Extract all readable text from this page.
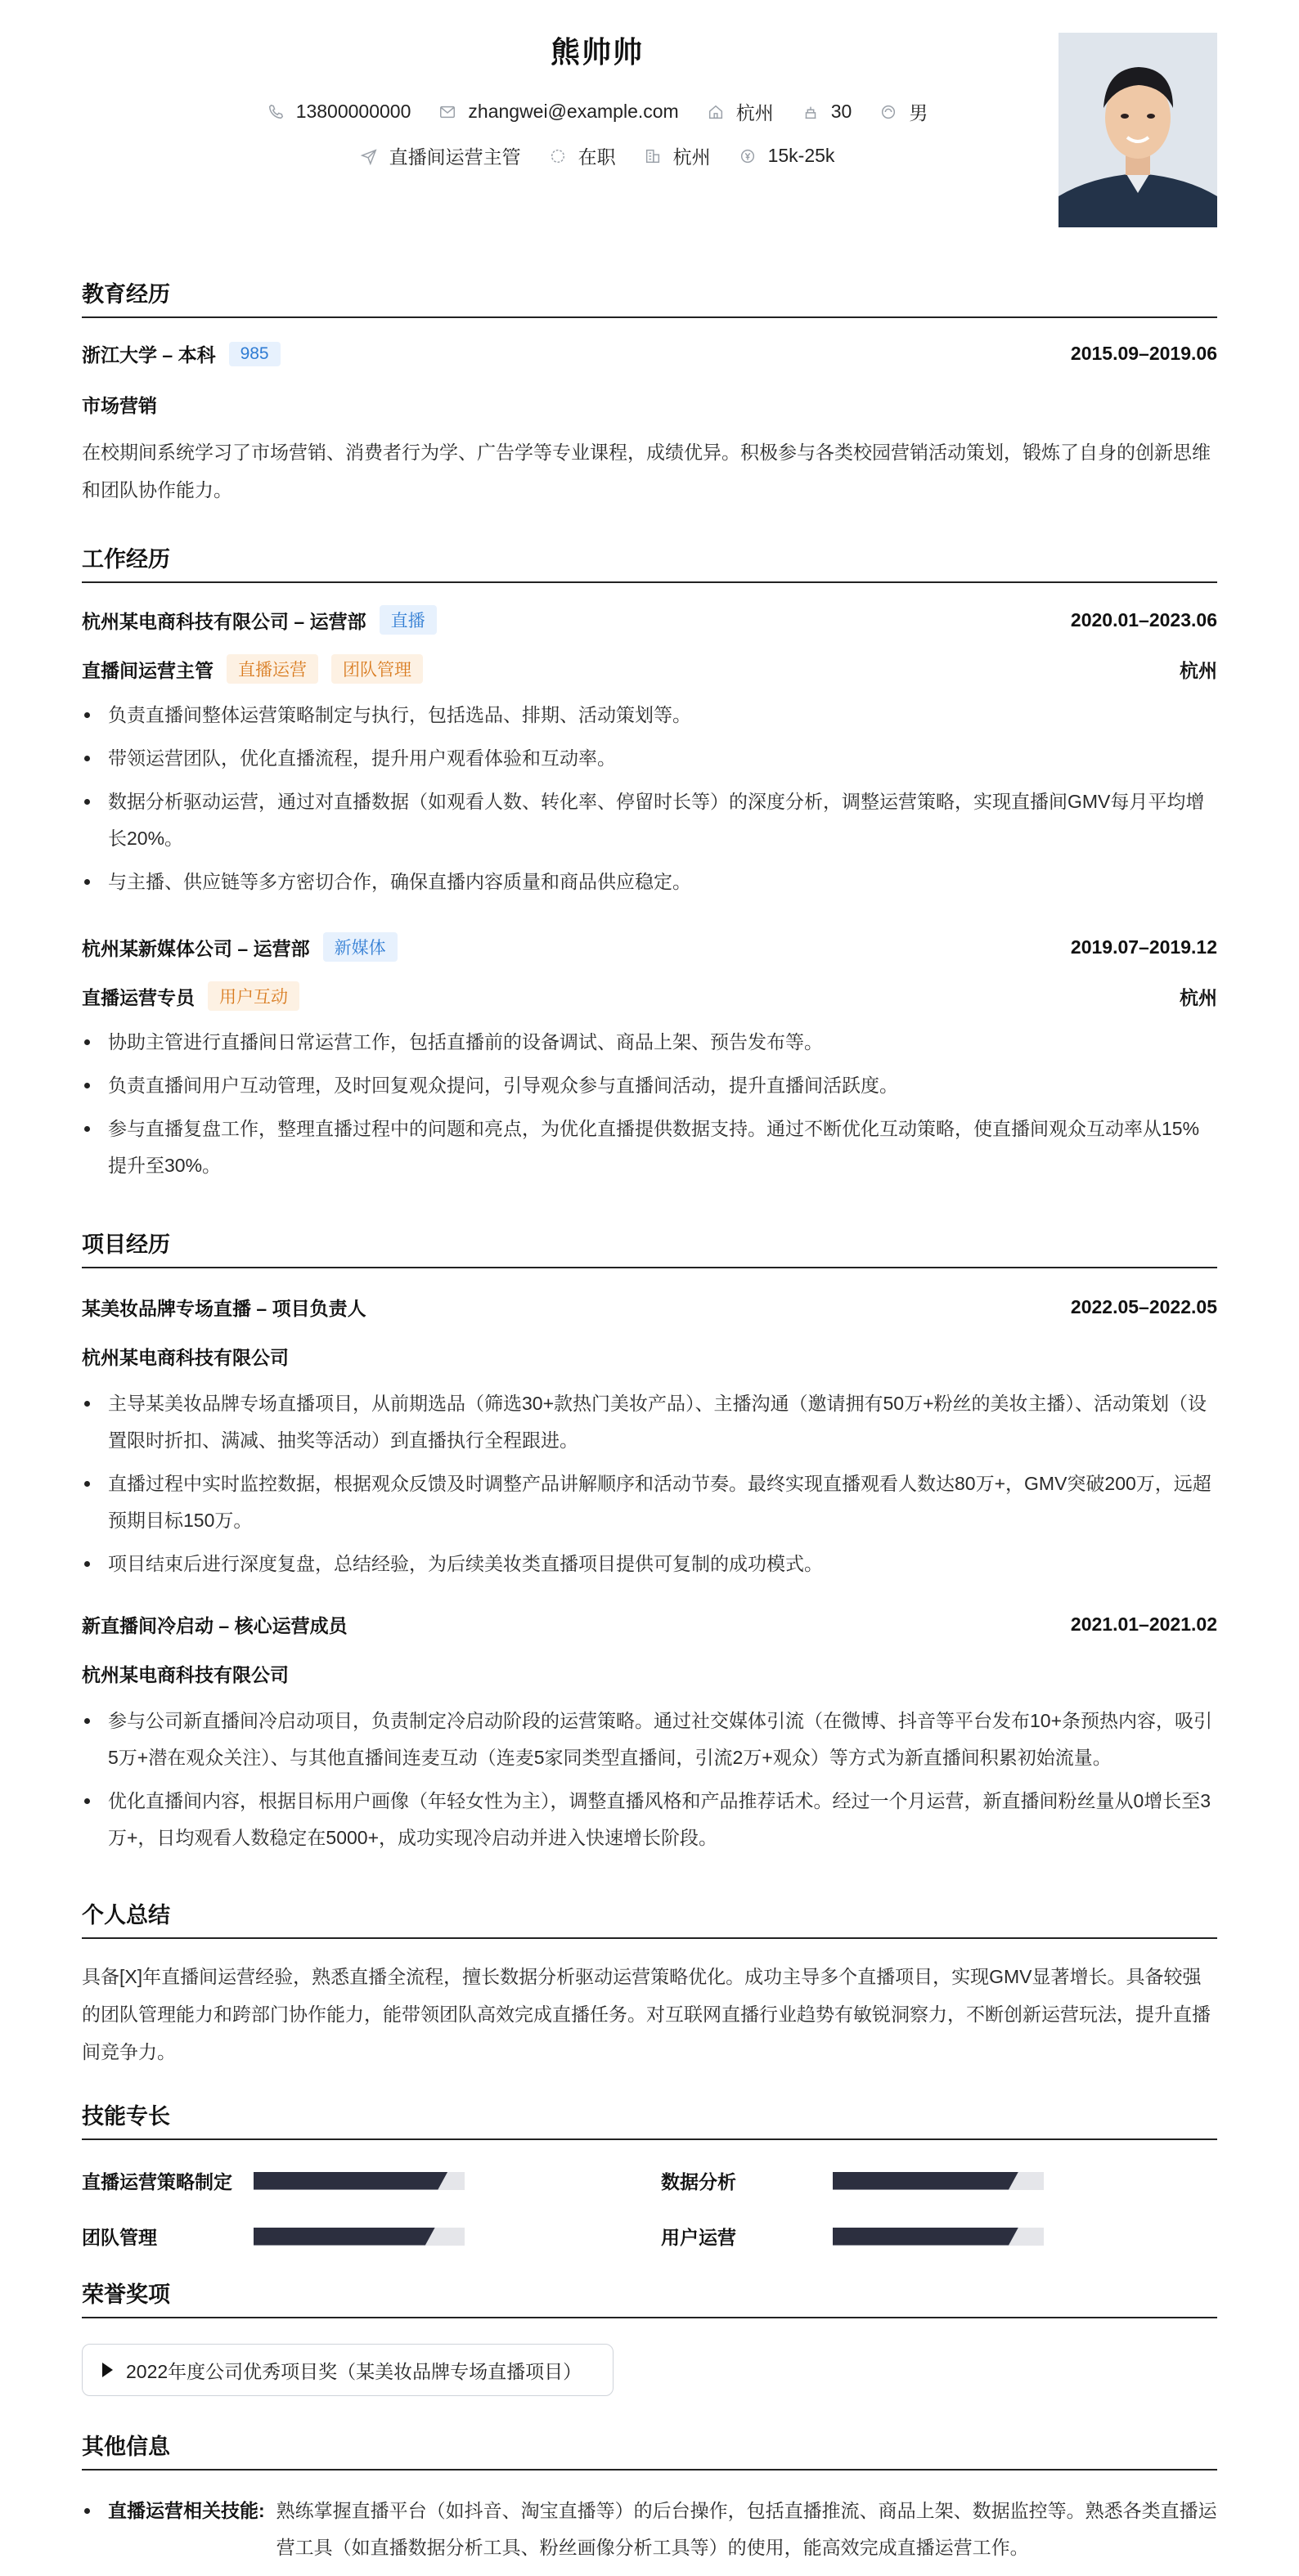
熊帅帅
13800000000	zhangwei@example.com	杭州	30	男
直播间运营主管	在职	杭州	15k-25k
教育经历
浙江大学 – 本科	985	2015.09–2019.06
市场营销
在校期间系统学习了市场营销、消费者行为学、广告学等专业课程，成绩优异。积极参与各类校园营销活动策划，锻炼了自身的创新思维和团队协作能力。
工作经历
杭州某电商科技有限公司 – 运营部	直播	2020.01–2023.06
直播间运营主管	直播运营	团队管理	杭州
负责直播间整体运营策略制定与执行，包括选品、排期、活动策划等。
带领运营团队，优化直播流程，提升用户观看体验和互动率。
数据分析驱动运营，通过对直播数据（如观看人数、转化率、停留时长等）的深度分析，调整运营策略，实现直播间GMV每月平均增长20%。
与主播、供应链等多方密切合作，确保直播内容质量和商品供应稳定。
杭州某新媒体公司 – 运营部	新媒体	2019.07–2019.12
直播运营专员	用户互动	杭州
协助主管进行直播间日常运营工作，包括直播前的设备调试、商品上架、预告发布等。
负责直播间用户互动管理，及时回复观众提问，引导观众参与直播间活动，提升直播间活跃度。
参与直播复盘工作，整理直播过程中的问题和亮点，为优化直播提供数据支持。通过不断优化互动策略，使直播间观众互动率从15%提升至30%。
项目经历
某美妆品牌专场直播 – 项目负责人	2022.05–2022.05
杭州某电商科技有限公司
主导某美妆品牌专场直播项目，从前期选品（筛选30+款热门美妆产品）、主播沟通（邀请拥有50万+粉丝的美妆主播）、活动策划（设置限时折扣、满减、抽奖等活动）到直播执行全程跟进。
直播过程中实时监控数据，根据观众反馈及时调整产品讲解顺序和活动节奏。最终实现直播观看人数达80万+，GMV突破200万，远超预期目标150万。
项目结束后进行深度复盘，总结经验，为后续美妆类直播项目提供可复制的成功模式。
新直播间冷启动 – 核心运营成员	2021.01–2021.02
杭州某电商科技有限公司
参与公司新直播间冷启动项目，负责制定冷启动阶段的运营策略。通过社交媒体引流（在微博、抖音等平台发布10+条预热内容，吸引5万+潜在观众关注）、与其他直播间连麦互动（连麦5家同类型直播间，引流2万+观众）等方式为新直播间积累初始流量。
优化直播间内容，根据目标用户画像（年轻女性为主），调整直播风格和产品推荐话术。经过一个月运营，新直播间粉丝量从0增长至3万+，日均观看人数稳定在5000+，成功实现冷启动并进入快速增长阶段。
个人总结
具备[X]年直播间运营经验，熟悉直播全流程，擅长数据分析驱动运营策略优化。成功主导多个直播项目，实现GMV显著增长。具备较强的团队管理能力和跨部门协作能力，能带领团队高效完成直播任务。对互联网直播行业趋势有敏锐洞察力，不断创新运营玩法，提升直播间竞争力。
技能专长
直播运营策略制定	数据分析
团队管理	用户运营
荣誉奖项
2022年度公司优秀项目奖（某美妆品牌专场直播项目）
其他信息
直播运营相关技能: 熟练掌握直播平台（如抖音、淘宝直播等）的后台操作，包括直播推流、商品上架、数据监控等。熟悉各类直播运营工具（如直播数据分析工具、粉丝画像分析工具等）的使用，能高效完成直播运营工作。
